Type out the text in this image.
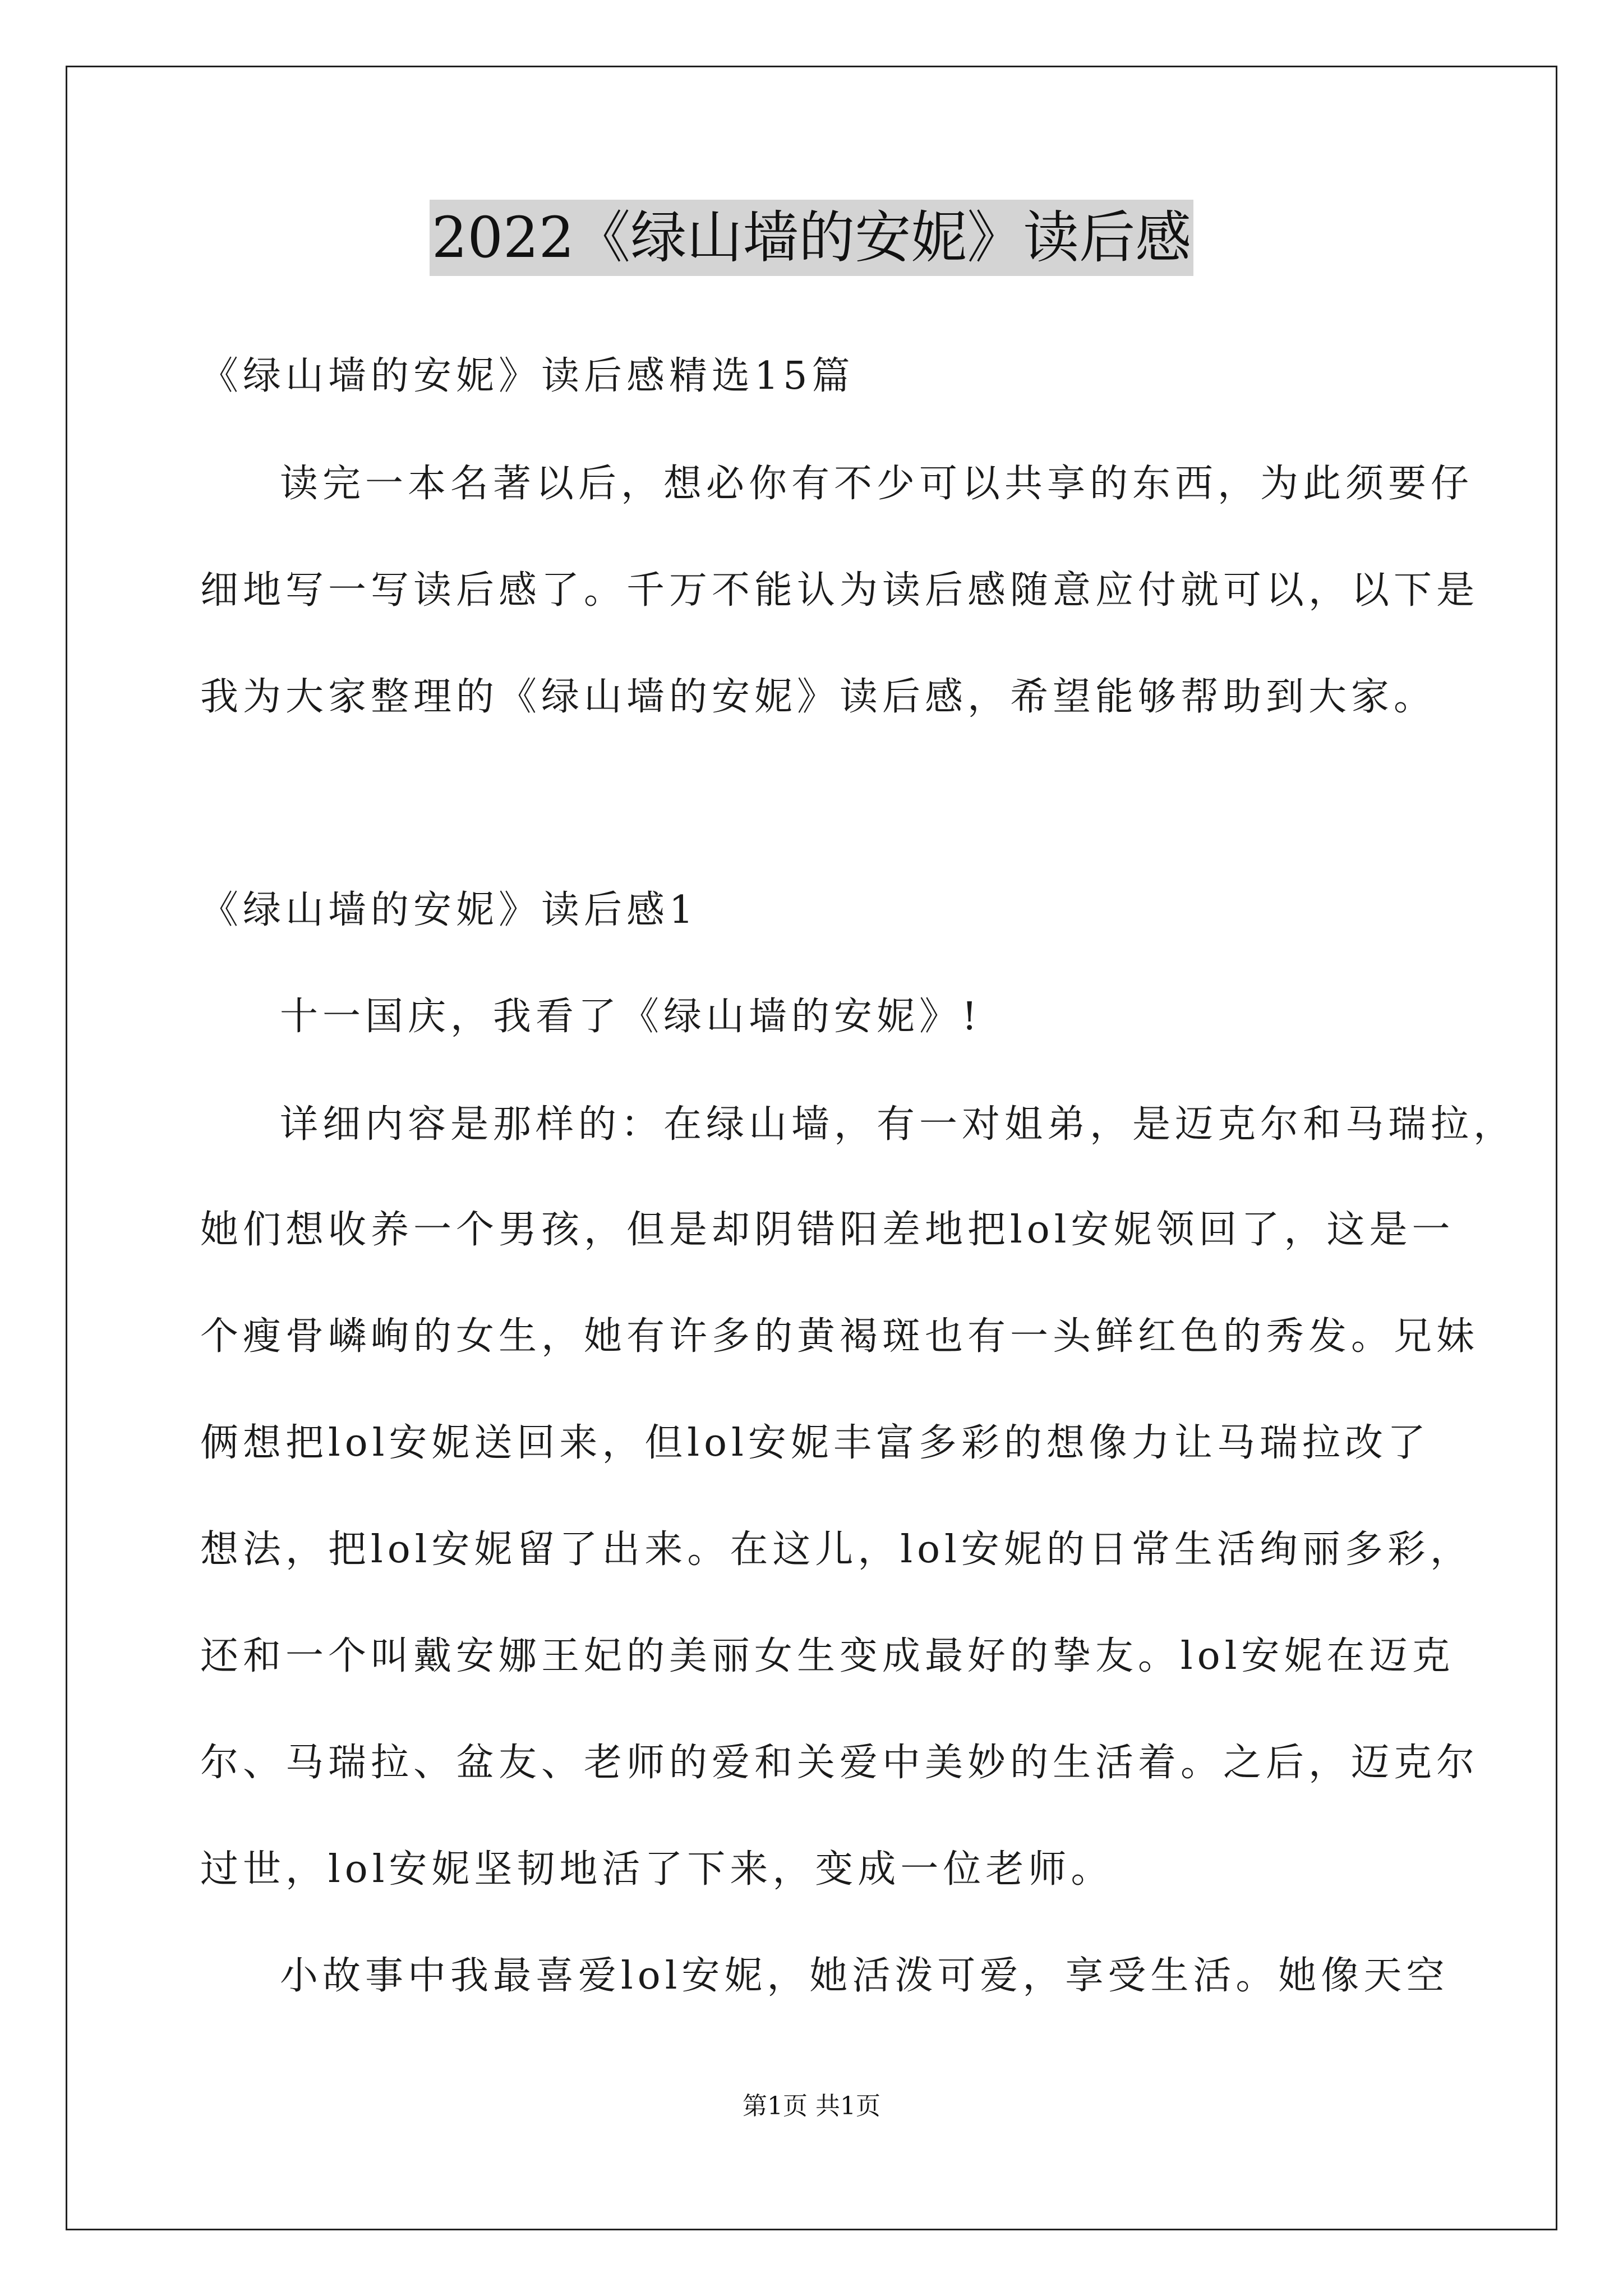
2022《绿山墙的安妮》读后感
《绿山墙的安妮》读后感精选15篇
读完一本名著以后，想必你有不少可以共享的东西，为此须要仔
细地写一写读后感了。千万不能认为读后感随意应付就可以，以下是
我为大家整理的《绿山墙的安妮》读后感，希望能够帮助到大家。
《绿山墙的安妮》读后感1
十一国庆，我看了《绿山墙的安妮》!
详细内容是那样的：在绿山墙，有一对姐弟，是迈克尔和马瑞拉，
她们想收养一个男孩，但是却阴错阳差地把lol安妮领回了，这是一
个瘦骨嶙峋的女生，她有许多的黄褐斑也有一头鲜红色的秀发。兄妹
俩想把lol安妮送回来，但lol安妮丰富多彩的想像力让马瑞拉改了
想法，把lol安妮留了出来。在这儿，lol安妮的日常生活绚丽多彩，
还和一个叫戴安娜王妃的美丽女生变成最好的挚友。lol安妮在迈克
尔、马瑞拉、盆友、老师的爱和关爱中美妙的生活着。之后，迈克尔
过世，lol安妮坚韧地活了下来，变成一位老师。
小故事中我最喜爱lol安妮，她活泼可爱，享受生活。她像天空
第1页 共1页
